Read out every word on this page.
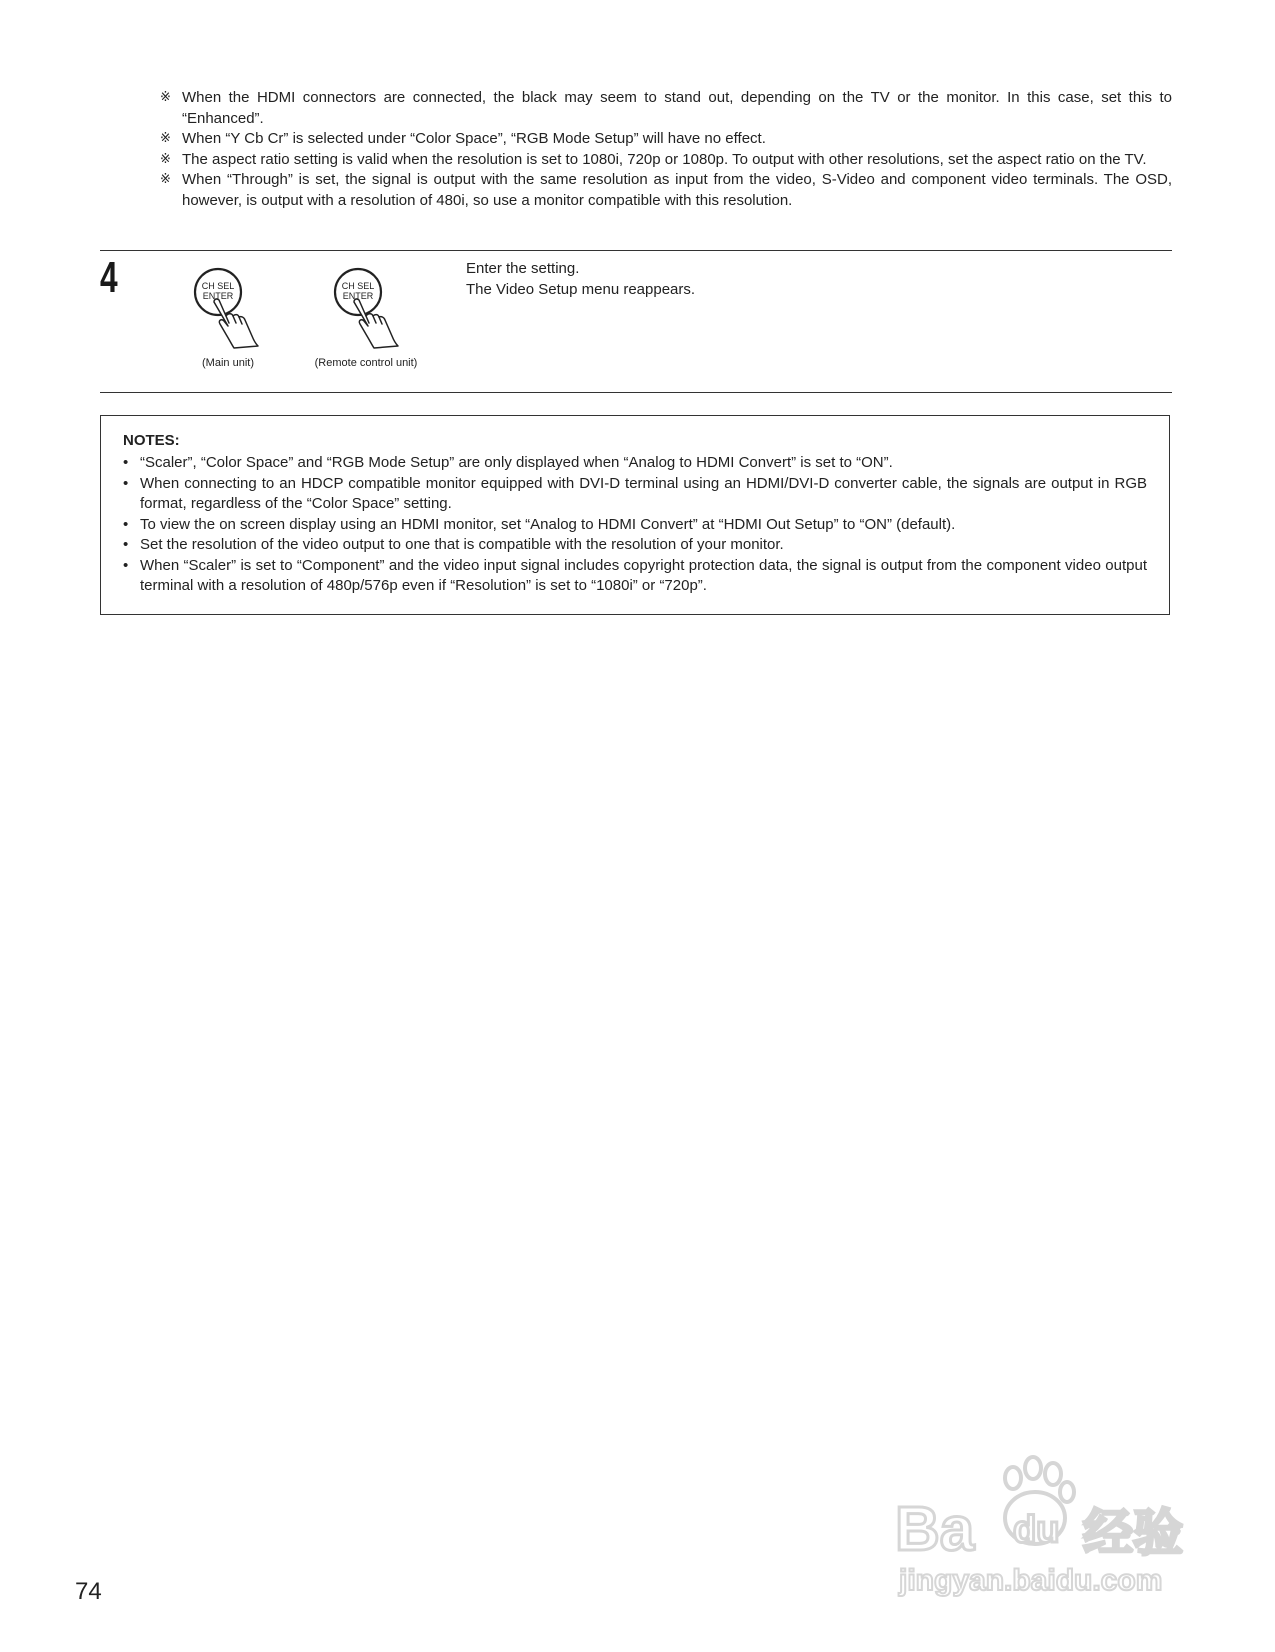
※ When the HDMI connectors are connected, the black may seem to stand out, depending on the TV or the monitor. In this case, set this to “Enhanced”.
※ When “Y Cb Cr” is selected under “Color Space”, “RGB Mode Setup” will have no effect.
※ The aspect ratio setting is valid when the resolution is set to 1080i, 720p or 1080p. To output with other resolutions, set the aspect ratio on the TV.
※ When “Through” is set, the signal is output with the same resolution as input from the video, S-Video and component video terminals. The OSD, however, is output with a resolution of 480i, so use a monitor compatible with this resolution.
4	CH SEL
ENTER
(Main unit)
CH SEL
ENTER
(Remote control unit)
Enter the setting.
The Video Setup menu reappears.
NOTES:
• “Scaler”, “Color Space” and “RGB Mode Setup” are only displayed when “Analog to HDMI Convert” is set to “ON”.
• When connecting to an HDCP compatible monitor equipped with DVI-D terminal using an HDMI/DVI-D converter cable, the signals are output in RGB format, regardless of the “Color Space” setting.
• To view the on screen display using an HDMI monitor, set “Analog to HDMI Convert” at “HDMI Out Setup” to “ON” (default).
• Set the resolution of the video output to one that is compatible with the resolution of your monitor.
• When “Scaler” is set to “Component” and the video input signal includes copyright protection data, the signal is output from the component video output terminal with a resolution of 480p/576p even if “Resolution” is set to “1080i” or “720p”.
Ba du 经验
jingyan.baidu.com
74
